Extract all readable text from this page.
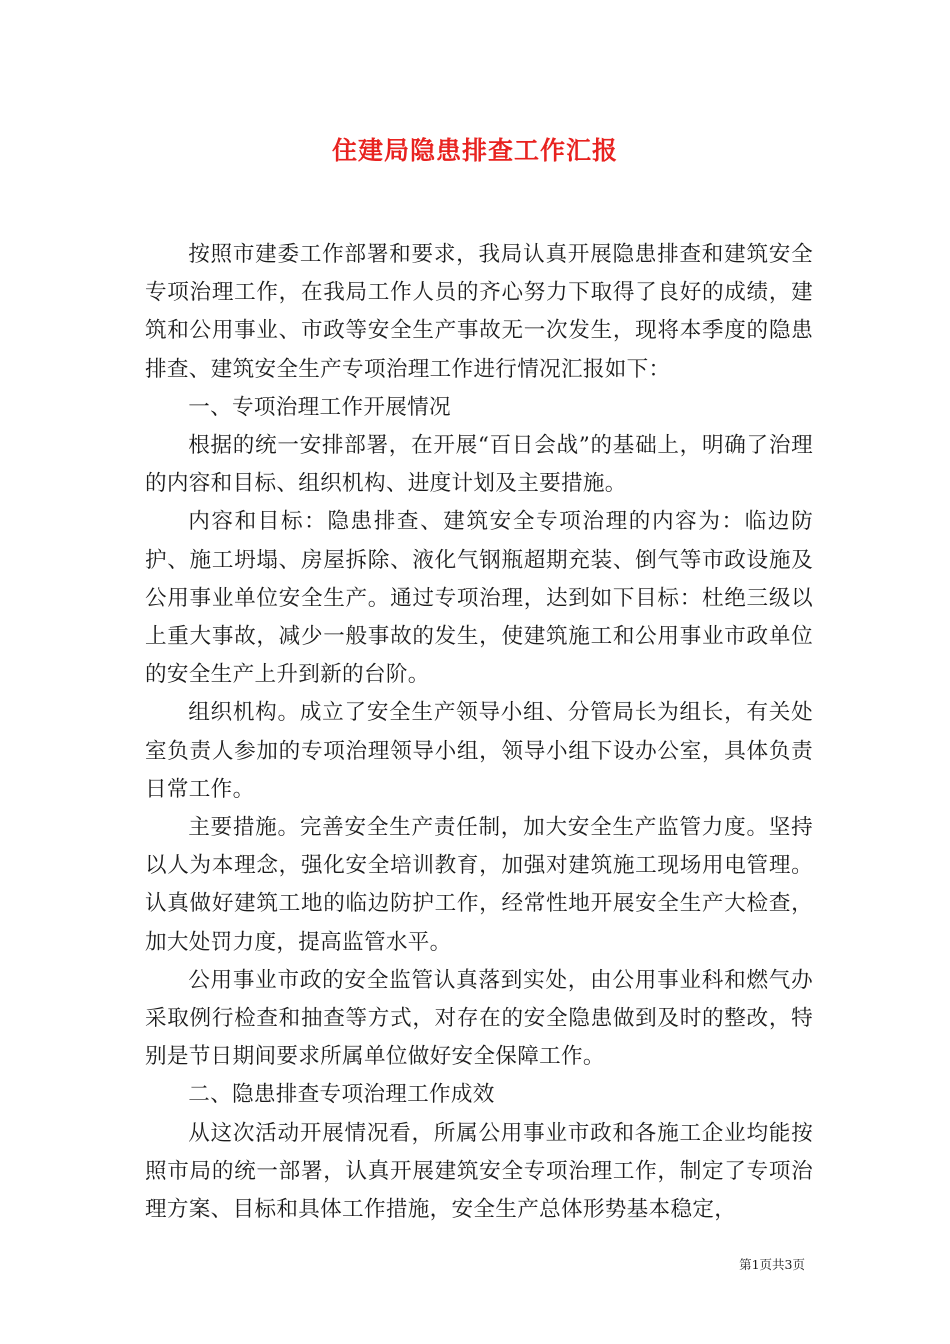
住建局隐患排查工作汇报

按照市建委工作部署和要求，我局认真开展隐患排查和建筑安全专项治理工作，在我局工作人员的齐心努力下取得了良好的成绩，建筑和公用事业、市政等安全生产事故无一次发生，现将本季度的隐患排查、建筑安全生产专项治理工作进行情况汇报如下：

一、专项治理工作开展情况

根据的统一安排部署，在开展“百日会战”的基础上，明确了治理的内容和目标、组织机构、进度计划及主要措施。

内容和目标：隐患排查、建筑安全专项治理的内容为：临边防护、施工坍塌、房屋拆除、液化气钢瓶超期充装、倒气等市政设施及公用事业单位安全生产。通过专项治理，达到如下目标：杜绝三级以上重大事故，减少一般事故的发生，使建筑施工和公用事业市政单位的安全生产上升到新的台阶。

组织机构。成立了安全生产领导小组、分管局长为组长，有关处室负责人参加的专项治理领导小组，领导小组下设办公室，具体负责日常工作。

主要措施。完善安全生产责任制，加大安全生产监管力度。坚持以人为本理念，强化安全培训教育，加强对建筑施工现场用电管理。认真做好建筑工地的临边防护工作，经常性地开展安全生产大检查，加大处罚力度，提高监管水平。

公用事业市政的安全监管认真落到实处，由公用事业科和燃气办采取例行检查和抽查等方式，对存在的安全隐患做到及时的整改，特别是节日期间要求所属单位做好安全保障工作。

二、隐患排查专项治理工作成效

从这次活动开展情况看，所属公用事业市政和各施工企业均能按照市局的统一部署，认真开展建筑安全专项治理工作，制定了专项治理方案、目标和具体工作措施，安全生产总体形势基本稳定，

第1页共3页
